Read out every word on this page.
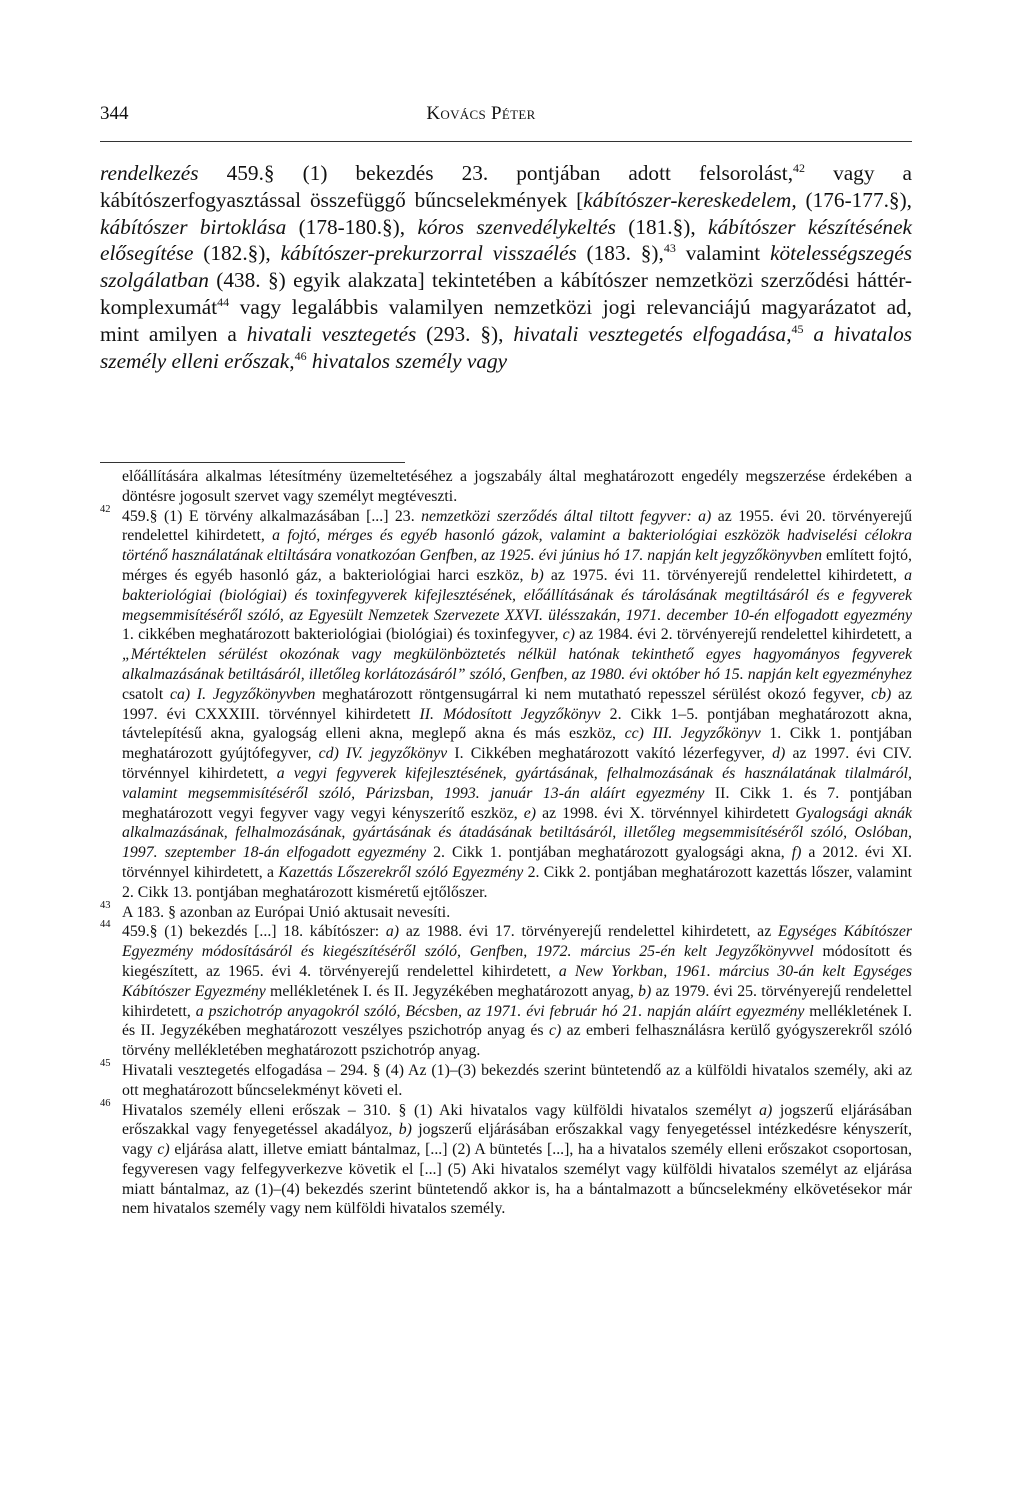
344	Kovács Péter
rendelkezés 459.§ (1) bekezdés 23. pontjában adott felsorolást,$^{42}$ vagy a kábítószerfogyasztással összefüggő bűncselekmények [kábítószer-kereskedelem, (176-177.§), kábítószer birtoklása (178-180.§), kóros szenvedélykeltés (181.§), kábítószer készítésének elősegítése (182.§), kábítószer-prekurzorral visszaélés (183. §),$^{43}$ valamint kötelességszegés szolgálatban (438. §) egyik alakzata] tekintetében a kábítószer nemzetközi szerződési háttér-komplexumát$^{44}$ vagy legalábbis valamilyen nemzetközi jogi relevanciájú magyarázatot ad, mint amilyen a hivatali vesztegetés (293. §), hivatali vesztegetés elfogadása,$^{45}$ a hivatalos személy elleni erőszak,$^{46}$ hivatalos személy vagy
előállítására alkalmas létesítmény üzemeltetéséhez a jogszabály által meghatározott engedély megszerzése érdekében a döntésre jogosult szervet vagy személyt megtéveszti.
42 459.§ (1) E törvény alkalmazásában [...] 23. nemzetközi szerződés által tiltott fegyver: a) az 1955. évi 20. törvényerejű rendelettel kihirdetett, a fojtó, mérges és egyéb hasonló gázok, valamint a bakteriológiai eszközök hadviselési célokra történő használatának eltiltására vonatkozóan Genfben, az 1925. évi június hó 17. napján kelt jegyzőkönyvben említett fojtó, mérges és egyéb hasonló gáz, a bakteriológiai harci eszköz, b) az 1975. évi 11. törvényerejű rendelettel kihirdetett, a bakteriológiai (biológiai) és toxinfegyverek kifejlesztésének, előállításának és tárolásának megtiltásáról és e fegyverek megsemmisítéséről szóló, az Egyesült Nemzetek Szervezete XXVI. ülésszakán, 1971. december 10-én elfogadott egyezmény 1. cikkében meghatározott bakteriológiai (biológiai) és toxinfegyver, c) az 1984. évi 2. törvényerejű rendelettel kihirdetett, a „Mértéktelen sérülést okozónak vagy megkülönböztetés nélkül hatónak tekinthető egyes hagyományos fegyverek alkalmazásának betiltásáról, illetőleg korlátozásáról” szóló, Genfben, az 1980. évi október hó 15. napján kelt egyezményhez csatolt ca) I. Jegyzőkönyvben meghatározott röntgensugárral ki nem mutatható repesszel sérülést okozó fegyver, cb) az 1997. évi CXXXIII. törvénnyel kihirdetett II. Módosított Jegyzőkönyv 2. Cikk 1–5. pontjában meghatározott akna, távtelepítésű akna, gyalogság elleni akna, meglepő akna és más eszköz, cc) III. Jegyzőkönyv 1. Cikk 1. pontjában meghatározott gyújtófegyver, cd) IV. jegyzőkönyv I. Cikkében meghatározott vakító lézerfegyver, d) az 1997. évi CIV. törvénnyel kihirdetett, a vegyi fegyverek kifejlesztésének, gyártásának, felhalmozásának és használatának tilalmáról, valamint megsemmisítéséről szóló, Párizsban, 1993. január 13-án aláírt egyezmény II. Cikk 1. és 7. pontjában meghatározott vegyi fegyver vagy vegyi kényszerítő eszköz, e) az 1998. évi X. törvénnyel kihirdetett Gyalogsági aknák alkalmazásának, felhalmozásának, gyártásának és átadásának betiltásáról, illetőleg megsemmisítéséről szóló, Oslóban, 1997. szeptember 18-án elfogadott egyezmény 2. Cikk 1. pontjában meghatározott gyalogsági akna, f) a 2012. évi XI. törvénnyel kihirdetett, a Kazettás Lőszerekről szóló Egyezmény 2. Cikk 2. pontjában meghatározott kazettás lőszer, valamint 2. Cikk 13. pontjában meghatározott kisméretű ejtőlőszer.
43 A 183. § azonban az Európai Unió aktusait nevesíti.
44 459.§ (1) bekezdés [...] 18. kábítószer: a) az 1988. évi 17. törvényerejű rendelettel kihirdetett, az Egységes Kábítószer Egyezmény módosításáról és kiegészítéséről szóló, Genfben, 1972. március 25-én kelt Jegyzőkönyvvel módosított és kiegészített, az 1965. évi 4. törvényerejű rendelettel kihirdetett, a New Yorkban, 1961. március 30-án kelt Egységes Kábítószer Egyezmény mellékletének I. és II. Jegyzékében meghatározott anyag, b) az 1979. évi 25. törvényerejű rendelettel kihirdetett, a pszichotróp anyagokról szóló, Bécsben, az 1971. évi február hó 21. napján aláírt egyezmény mellékletének I. és II. Jegyzékében meghatározott veszélyes pszichotróp anyag és c) az emberi felhasználásra kerülő gyógyszerekről szóló törvény mellékletében meghatározott pszichotróp anyag.
45 Hivatali vesztegetés elfogadása – 294. § (4) Az (1)–(3) bekezdés szerint büntetendő az a külföldi hivatalos személy, aki az ott meghatározott bűncselekményt követi el.
46 Hivatalos személy elleni erőszak – 310. § (1) Aki hivatalos vagy külföldi hivatalos személyt a) jogszerű eljárásában erőszakkal vagy fenyegetéssel akadályoz, b) jogszerű eljárásában erőszakkal vagy fenyegetéssel intézkedésre kényszerít, vagy c) eljárása alatt, illetve emiatt bántalmaz, [...] (2) A büntetés [...], ha a hivatalos személy elleni erőszakot csoportosan, fegyveresen vagy felfegyverkezve követik el [...] (5) Aki hivatalos személyt vagy külföldi hivatalos személyt az eljárása miatt bántalmaz, az (1)–(4) bekezdés szerint büntetendő akkor is, ha a bántalmazott a bűncselekmény elkövetésekor már nem hivatalos személy vagy nem külföldi hivatalos személy.
